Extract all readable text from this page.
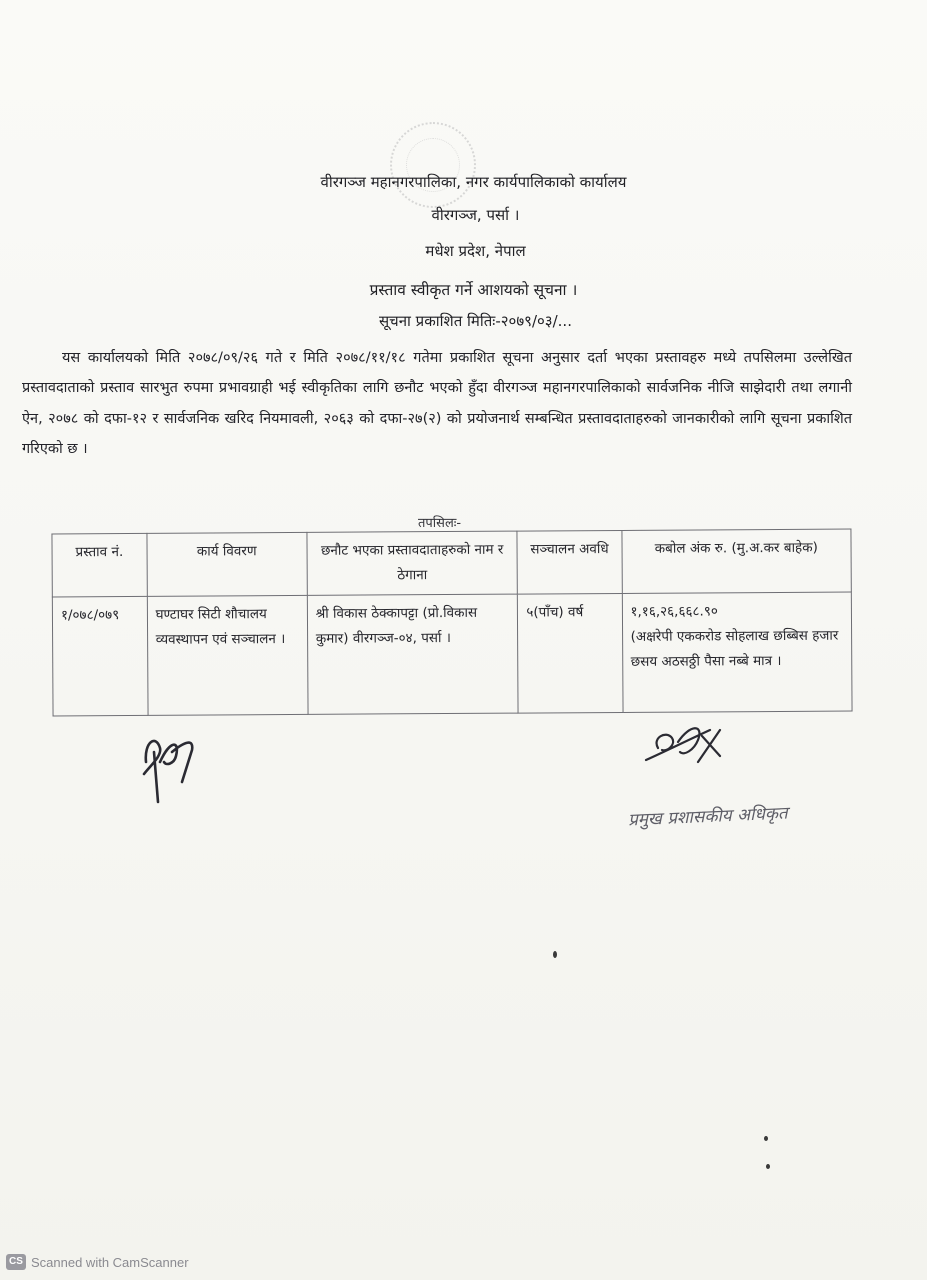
वीरगञ्ज महानगरपालिका, नगर कार्यपालिकाको कार्यालय
वीरगञ्ज, पर्सा ।
मधेश प्रदेश, नेपाल
प्रस्ताव स्वीकृत गर्ने आशयको सूचना ।
सूचना प्रकाशित मितिः-२०७९/०३/...

यस कार्यालयको मिति २०७८/०९/२६ गते र मिति २०७८/११/१८ गतेमा प्रकाशित सूचना अनुसार दर्ता भएका प्रस्तावहरु मध्ये तपसिलमा उल्लेखित प्रस्तावदाताको प्रस्ताव सारभुत रुपमा प्रभावग्राही भई स्वीकृतिका लागि छनौट भएको हुँदा वीरगञ्ज महानगरपालिकाको सार्वजनिक नीजि साझेदारी तथा लगानी ऐन, २०७८ को दफा-१२ र सार्वजनिक खरिद नियमावली, २०६३ को दफा-२७(२) को प्रयोजनार्थ सम्बन्धित प्रस्तावदाताहरुको जानकारीको लागि सूचना प्रकाशित गरिएको छ ।

तपसिलः-
प्रस्ताव नं.	कार्य विवरण	छनौट भएका प्रस्तावदाताहरुको नाम र ठेगाना	सञ्चालन अवधि	कबोल अंक रु. (मु.अ.कर बाहेक)
१/०७८/०७९	घण्टाघर सिटी शौचालय व्यवस्थापन एवं सञ्चालन ।	श्री विकास ठेक्कापट्टा (प्रो.विकास कुमार) वीरगञ्ज-०४, पर्सा ।	५(पाँच) वर्ष	१,१६,२६,६६८.९०
(अक्षरेपी एककरोड सोहलाख छब्बिस हजार छसय अठसठ्ठी पैसा नब्बे मात्र ।
प्रमुख प्रशासकीय अधिकृत
CS Scanned with CamScanner
